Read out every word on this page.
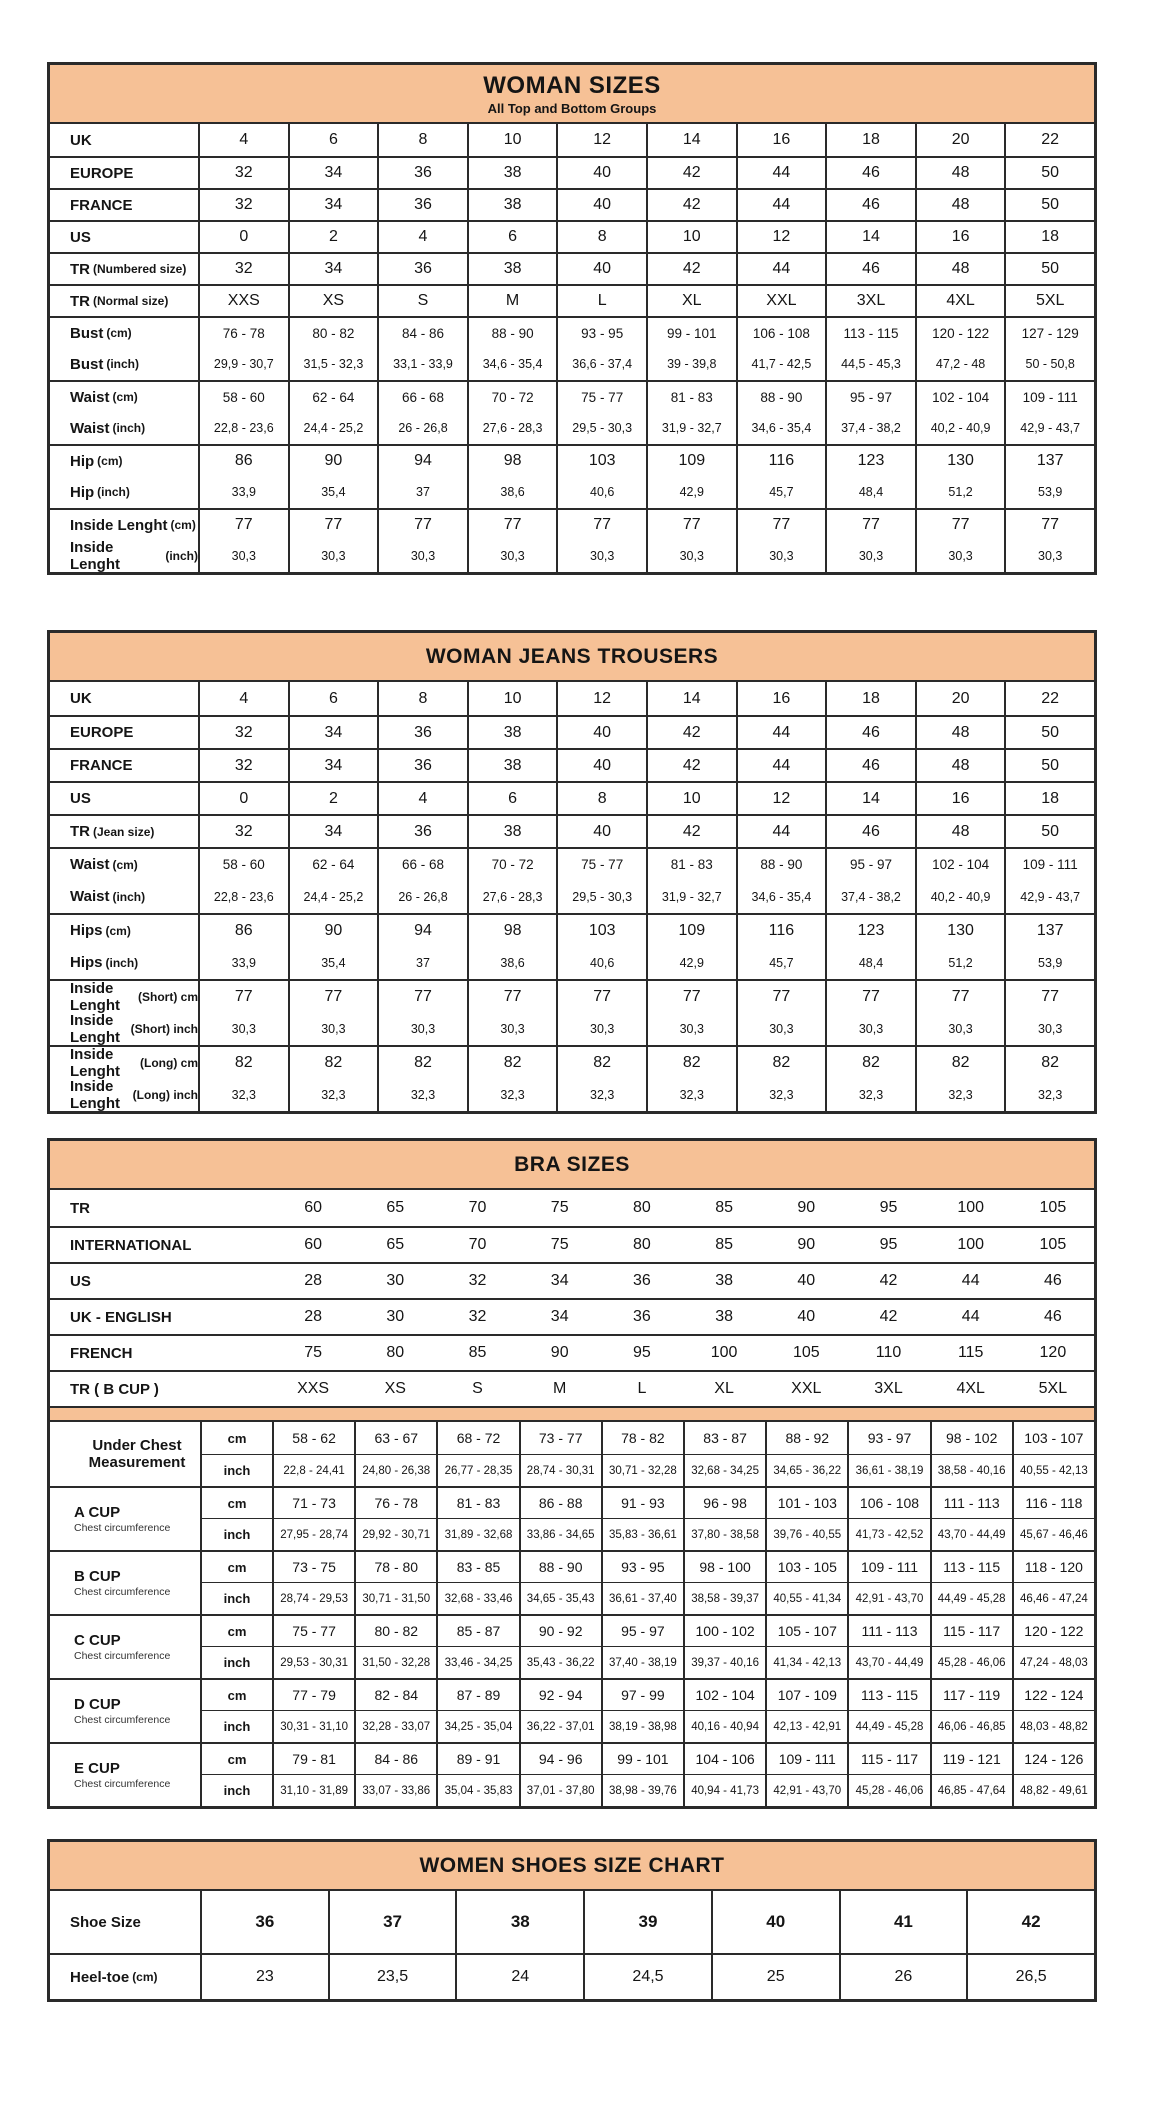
WOMAN SIZES
All Top and Bottom Groups
UK	4	6	8	10	12	14	16	18	20	22
EUROPE	32	34	36	38	40	42	44	46	48	50
FRANCE	32	34	36	38	40	42	44	46	48	50
US	0	2	4	6	8	10	12	14	16	18
TR (Numbered size)	32	34	36	38	40	42	44	46	48	50
TR (Normal size)	XXS	XS	S	M	L	XL	XXL	3XL	4XL	5XL
Bust (cm)	76 - 78	80 - 82	84 - 86	88 - 90	93 - 95	99 - 101	106 - 108	113 - 115	120 - 122	127 - 129
Bust (inch)	29,9 - 30,7	31,5 - 32,3	33,1 - 33,9	34,6 - 35,4	36,6 - 37,4	39 - 39,8	41,7 - 42,5	44,5 - 45,3	47,2 - 48	50 - 50,8
Waist (cm)	58 - 60	62 - 64	66 - 68	70 - 72	75 - 77	81 - 83	88 - 90	95 - 97	102 - 104	109 - 111
Waist (inch)	22,8 - 23,6	24,4 - 25,2	26 - 26,8	27,6 - 28,3	29,5 - 30,3	31,9 - 32,7	34,6 - 35,4	37,4 - 38,2	40,2 - 40,9	42,9 - 43,7
Hip (cm)	86	90	94	98	103	109	116	123	130	137
Hip (inch)	33,9	35,4	37	38,6	40,6	42,9	45,7	48,4	51,2	53,9
Inside Lenght (cm)	77	77	77	77	77	77	77	77	77	77
Inside Lenght	(inch)	30,3	30,3	30,3	30,3	30,3	30,3	30,3	30,3	30,3	30,3
WOMAN JEANS TROUSERS
UK	4	6	8	10	12	14	16	18	20	22
EUROPE	32	34	36	38	40	42	44	46	48	50
FRANCE	32	34	36	38	40	42	44	46	48	50
US	0	2	4	6	8	10	12	14	16	18
TR (Jean size)	32	34	36	38	40	42	44	46	48	50
Waist (cm)	58 - 60	62 - 64	66 - 68	70 - 72	75 - 77	81 - 83	88 - 90	95 - 97	102 - 104	109 - 111
Waist (inch)	22,8 - 23,6	24,4 - 25,2	26 - 26,8	27,6 - 28,3	29,5 - 30,3	31,9 - 32,7	34,6 - 35,4	37,4 - 38,2	40,2 - 40,9	42,9 - 43,7
Hips (cm)	86	90	94	98	103	109	116	123	130	137
Hips (inch)	33,9	35,4	37	38,6	40,6	42,9	45,7	48,4	51,2	53,9
Inside Lenght	(Short) cm	77	77	77	77	77	77	77	77	77	77
Inside Lenght (Short) inch	30,3	30,3	30,3	30,3	30,3	30,3	30,3	30,3	30,3	30,3
Inside Lenght	(Long) cm	82	82	82	82	82	82	82	82	82	82
Inside Lenght	(Long) inch	32,3	32,3	32,3	32,3	32,3	32,3	32,3	32,3	32,3	32,3
BRA SIZES
TR	60	65	70	75	80	85	90	95	100	105
INTERNATIONAL	60	65	70	75	80	85	90	95	100	105
US	28	30	32	34	36	38	40	42	44	46
UK - ENGLISH	28	30	32	34	36	38	40	42	44	46
FRENCH	75	80	85	90	95	100	105	110	115	120
TR ( B CUP )	XXS	XS	S	M	L	XL	XXL	3XL	4XL	5XL
Under Chest Measurement
cm	58 - 62	63 - 67	68 - 72	73 - 77	78 - 82	83 - 87	88 - 92	93 - 97	98 - 102	103 - 107
inch	22,8 - 24,41	24,80 - 26,38	26,77 - 28,35	28,74 - 30,31	30,71 - 32,28	32,68 - 34,25	34,65 - 36,22	36,61 - 38,19	38,58 - 40,16	40,55 - 42,13
A CUP
Chest circumference
cm	71 - 73	76 - 78	81 - 83	86 - 88	91 - 93	96 - 98	101 - 103	106 - 108	111 - 113	116 - 118
inch	27,95 - 28,74	29,92 - 30,71	31,89 - 32,68	33,86 - 34,65	35,83 - 36,61	37,80 - 38,58	39,76 - 40,55	41,73 - 42,52	43,70 - 44,49	45,67 - 46,46
B CUP
Chest circumference
cm	73 - 75	78 - 80	83 - 85	88 - 90	93 - 95	98 - 100	103 - 105	109 - 111	113 - 115	118 - 120
inch	28,74 - 29,53	30,71 - 31,50	32,68 - 33,46	34,65 - 35,43	36,61 - 37,40	38,58 - 39,37	40,55 - 41,34	42,91 - 43,70	44,49 - 45,28	46,46 - 47,24
C CUP
Chest circumference
cm	75 - 77	80 - 82	85 - 87	90 - 92	95 - 97	100 - 102	105 - 107	111 - 113	115 - 117	120 - 122
inch	29,53 - 30,31	31,50 - 32,28	33,46 - 34,25	35,43 - 36,22	37,40 - 38,19	39,37 - 40,16	41,34 - 42,13	43,70 - 44,49	45,28 - 46,06	47,24 - 48,03
D CUP
Chest circumference
cm	77 - 79	82 - 84	87 - 89	92 - 94	97 - 99	102 - 104	107 - 109	113 - 115	117 - 119	122 - 124
inch	30,31 - 31,10	32,28 - 33,07	34,25 - 35,04	36,22 - 37,01	38,19 - 38,98	40,16 - 40,94	42,13 - 42,91	44,49 - 45,28	46,06 - 46,85	48,03 - 48,82
E CUP
Chest circumference
cm	79 - 81	84 - 86	89 - 91	94 - 96	99 - 101	104 - 106	109 - 111	115 - 117	119 - 121	124 - 126
inch	31,10 - 31,89	33,07 - 33,86	35,04 - 35,83	37,01 - 37,80	38,98 - 39,76	40,94 - 41,73	42,91 - 43,70	45,28 - 46,06	46,85 - 47,64	48,82 - 49,61
WOMEN SHOES SIZE CHART
Shoe Size	36	37	38	39	40	41	42
Heel-toe (cm)	23	23,5	24	24,5	25	26	26,5
